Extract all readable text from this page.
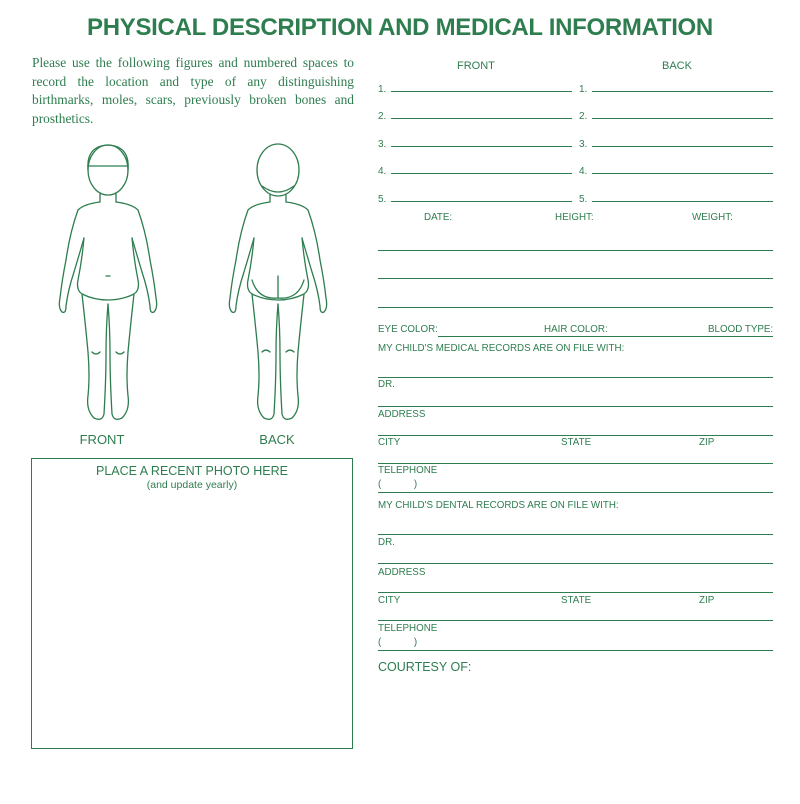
PHYSICAL DESCRIPTION AND MEDICAL INFORMATION
Please use the following figures and numbered spaces to record the location and type of any distinguishing birthmarks, moles, scars, previously broken bones and prosthetics.
FRONT	BACK
PLACE A RECENT PHOTO HERE
(and update yearly)
FRONT	BACK
1.	1.
2.	2.
3.	3.
4.	4.
5.	5.
DATE:	HEIGHT:	WEIGHT:
EYE COLOR:	HAIR COLOR:	BLOOD TYPE:
MY CHILD'S MEDICAL RECORDS ARE ON FILE WITH:
DR.
ADDRESS
CITY	STATE	ZIP
TELEPHONE
(            )
MY CHILD'S DENTAL RECORDS ARE ON FILE WITH:
DR.
ADDRESS
CITY	STATE	ZIP
TELEPHONE
(            )
COURTESY OF:
